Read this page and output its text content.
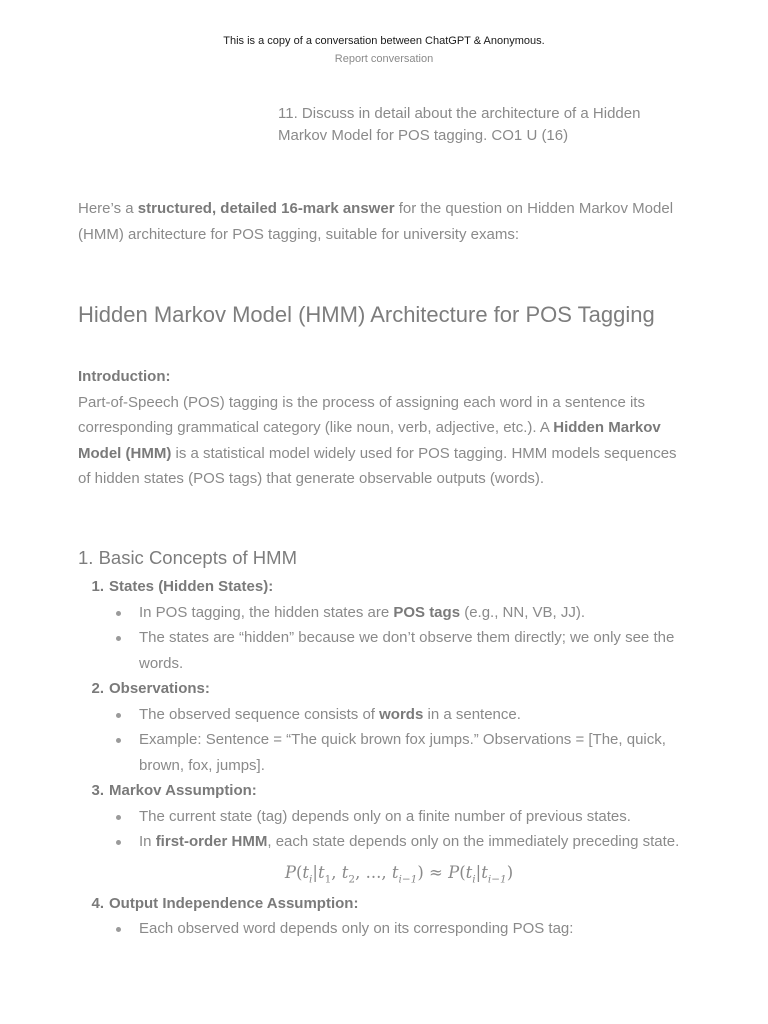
This is a copy of a conversation between ChatGPT & Anonymous.
Report conversation
11. Discuss in detail about the architecture of a Hidden Markov Model for POS tagging. CO1 U (16)

Here’s a structured, detailed 16-mark answer for the question on Hidden Markov Model (HMM) architecture for POS tagging, suitable for university exams:

Hidden Markov Model (HMM) Architecture for POS Tagging

Introduction:

Part-of-Speech (POS) tagging is the process of assigning each word in a sentence its corresponding grammatical category (like noun, verb, adjective, etc.). A Hidden Markov Model (HMM) is a statistical model widely used for POS tagging. HMM models sequences of hidden states (POS tags) that generate observable outputs (words).

1. Basic Concepts of HMM
1. States (Hidden States):
In POS tagging, the hidden states are POS tags (e.g., NN, VB, JJ).
The states are “hidden” because we don’t observe them directly; we only see the words.
2. Observations:
The observed sequence consists of words in a sentence.
Example: Sentence = “The quick brown fox jumps.” Observations = [The, quick, brown, fox, jumps].
3. Markov Assumption:
The current state (tag) depends only on a finite number of previous states.
In first-order HMM, each state depends only on the immediately preceding state.
$P(t_i|t_1$, $t_2$, ..., $t_{i-1}) \approx P(t_i|t_{i-1})$
4. Output Independence Assumption:
Each observed word depends only on its corresponding POS tag:
